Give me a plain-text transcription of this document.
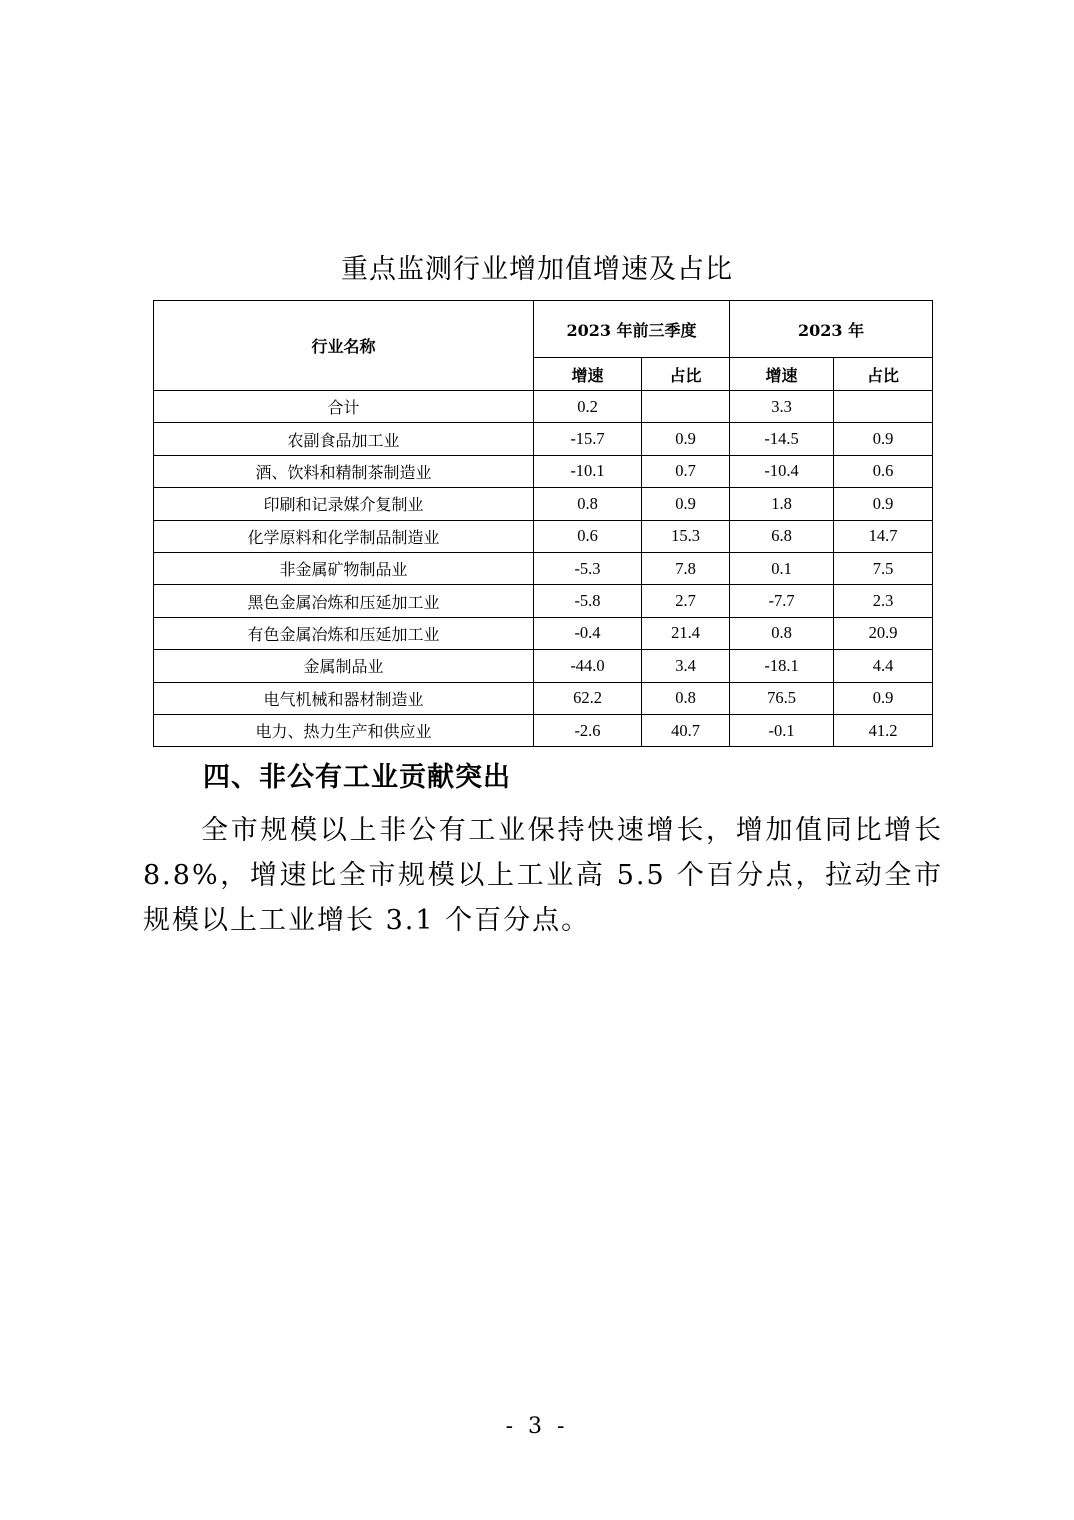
重点监测行业增加值增速及占比
行业名称	2023 年前三季度		2023 年	
	增速	占比	增速	占比
合计	0.2		3.3	
农副食品加工业	-15.7	0.9	-14.5	0.9
酒、饮料和精制茶制造业	-10.1	0.7	-10.4	0.6
印刷和记录媒介复制业	0.8	0.9	1.8	0.9
化学原料和化学制品制造业	0.6	15.3	6.8	14.7
非金属矿物制品业	-5.3	7.8	0.1	7.5
黑色金属冶炼和压延加工业	-5.8	2.7	-7.7	2.3
有色金属冶炼和压延加工业	-0.4	21.4	0.8	20.9
金属制品业	-44.0	3.4	-18.1	4.4
电气机械和器材制造业	62.2	0.8	76.5	0.9
电力、热力生产和供应业	-2.6	40.7	-0.1	41.2
四、非公有工业贡献突出

全市规模以上非公有工业保持快速增长，增加值同比增长8.8%，增速比全市规模以上工业高 5.5 个百分点，拉动全市规模以上工业增长 3.1 个百分点。

- 3 -
